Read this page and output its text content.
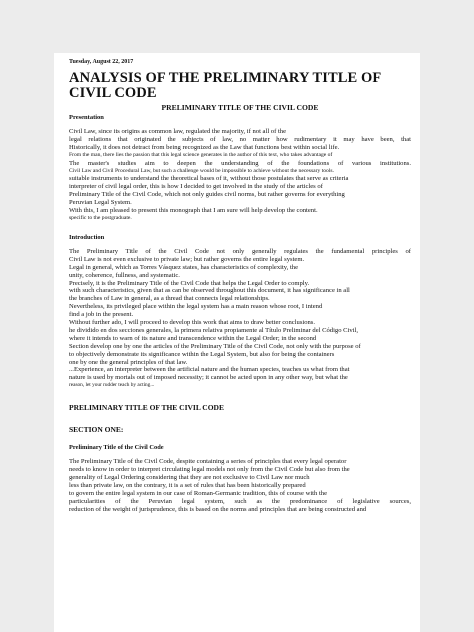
Tuesday, August 22, 2017
ANALYSIS OF THE PRELIMINARY TITLE OF
CIVIL CODE
PRELIMINARY TITLE OF THE CIVIL CODE
Presentation
Civil Law, since its origins as common law, regulated the majority, if not all of the
legal relations that originated the subjects of law, no matter how rudimentary it may have been, that
Historically, it does not detract from being recognized as the Law that functions best within social life.
From the man, there lies the passion that this legal science generates in the author of this text, who takes advantage of
The master's studies aim to deepen the understanding of the foundations of various institutions.
Civil Law and Civil Procedural Law, but such a challenge would be impossible to achieve without the necessary tools.
suitable instruments to understand the theoretical bases of it, without those postulates that serve as criteria
interpreter of civil legal order, this is how I decided to get involved in the study of the articles of
Preliminary Title of the Civil Code, which not only guides civil norms, but rather governs for everything
Peruvian Legal System.
With this, I am pleased to present this monograph that I am sure will help develop the content.
specific to the postgraduate.
Introduction
The Preliminary Title of the Civil Code not only generally regulates the fundamental principles of
Civil Law is not even exclusive to private law; but rather governs the entire legal system.
Legal in general, which as Torres Vásquez states, has characteristics of complexity, the
unity, coherence, fullness, and systematic.
Precisely, it is the Preliminary Title of the Civil Code that helps the Legal Order to comply.
with such characteristics, given that as can be observed throughout this document, it has significance in all
the branches of Law in general, as a thread that connects legal relationships.
Nevertheless, its privileged place within the legal system has a main reason whose root, I intend
find a job in the present.
Without further ado, I will proceed to develop this work that aims to draw better conclusions.
he dividido en dos secciones generales, la primera relativa propiamente al Título Preliminar del Código Civil,
where it intends to warn of its nature and transcendence within the Legal Order; in the second
Section develop one by one the articles of the Preliminary Title of the Civil Code, not only with the purpose of
to objectively demonstrate its significance within the Legal System, but also for being the containers
one by one the general principles of that law.
...Experience, an interpreter between the artificial nature and the human species, teaches us what from that
nature is used by mortals out of imposed necessity; it cannot be acted upon in any other way, but what the
reason, let your rudder teach by acting...
PRELIMINARY TITLE OF THE CIVIL CODE
SECTION ONE:
Preliminary Title of the Civil Code
The Preliminary Title of the Civil Code, despite containing a series of principles that every legal operator
needs to know in order to interpret circulating legal models not only from the Civil Code but also from the
generality of Legal Ordering considering that they are not exclusive to Civil Law nor much
less than private law, on the contrary, it is a set of rules that has been historically prepared
to govern the entire legal system in our case of Roman-Germanic tradition, this of course with the
particularities of the Peruvian legal system, such as the predominance of legislative sources,
reduction of the weight of jurisprudence, this is based on the norms and principles that are being constructed and
